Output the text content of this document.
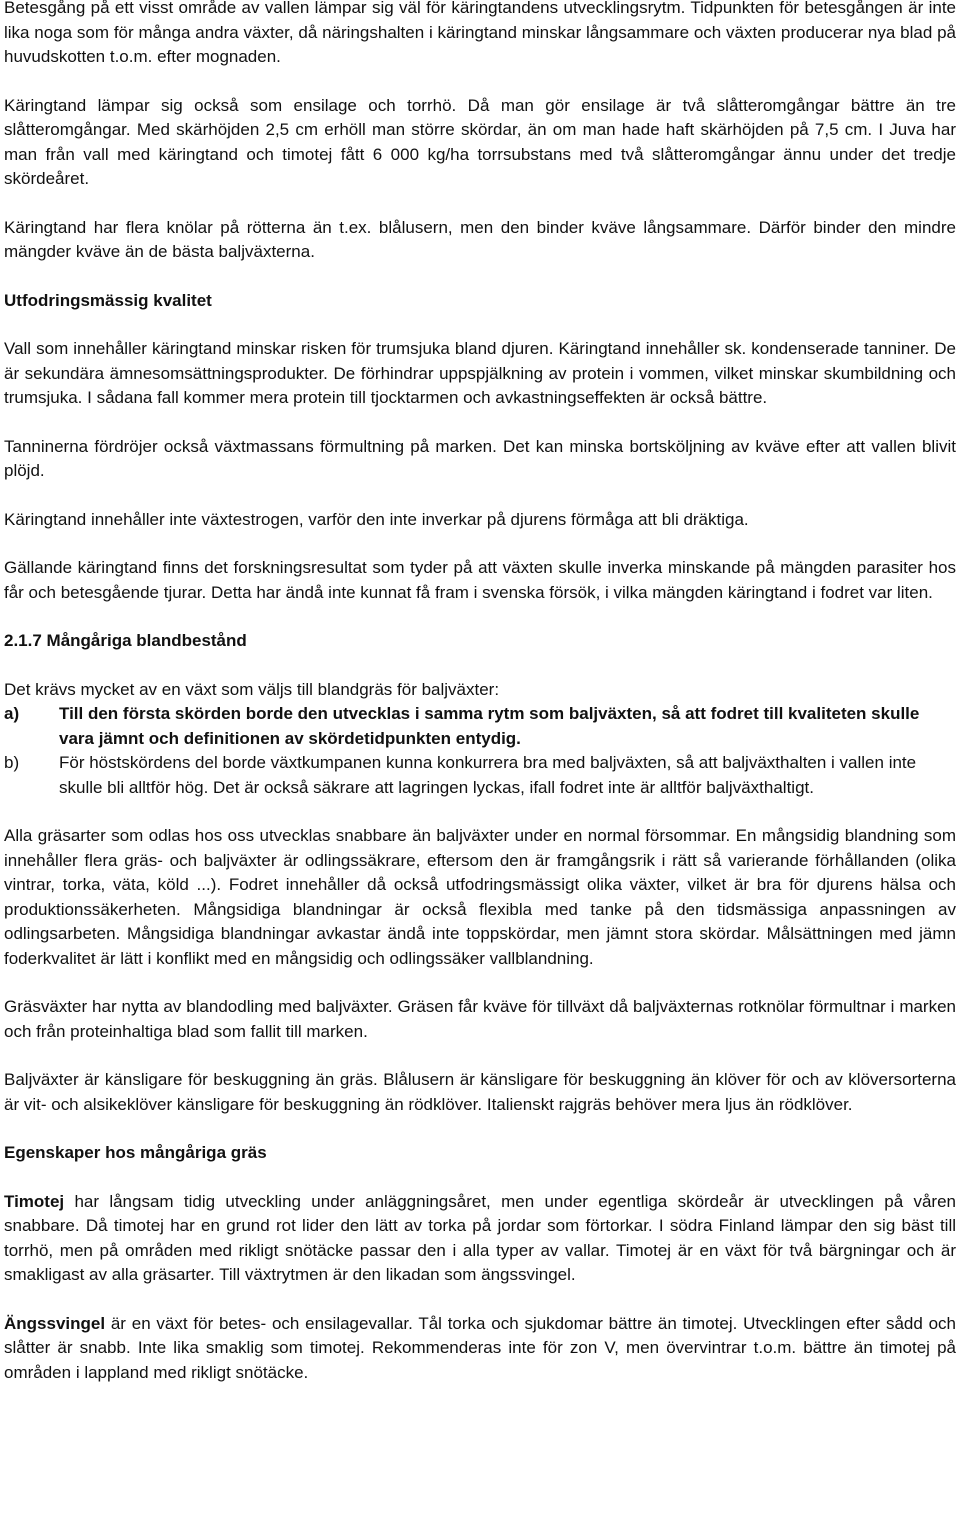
Betesgång på ett visst område av vallen lämpar sig väl för käringtandens utvecklingsrytm. Tidpunkten för betesgången är inte lika noga som för många andra växter, då näringshalten i käringtand minskar långsammare och växten producerar nya blad på huvudskotten t.o.m. efter mognaden.

Käringtand lämpar sig också som ensilage och torrhö. Då man gör ensilage är två slåtteromgångar bättre än tre slåtteromgångar. Med skärhöjden 2,5 cm erhöll man större skördar, än om man hade haft skärhöjden på 7,5 cm. I Juva har man från vall med käringtand och timotej fått 6 000 kg/ha torrsubstans med två slåtteromgångar ännu under det tredje skördeåret.

Käringtand har flera knölar på rötterna än t.ex. blålusern, men den binder kväve långsammare. Därför binder den mindre mängder kväve än de bästa baljväxterna.

Utfodringsmässig kvalitet

Vall som innehåller käringtand minskar risken för trumsjuka bland djuren. Käringtand innehåller sk. kondenserade tanniner. De är sekundära ämnesomsättningsprodukter. De förhindrar uppspjälkning av protein i vommen, vilket minskar skumbildning och trumsjuka. I sådana fall kommer mera protein till tjocktarmen och avkastningseffekten är också bättre.

Tanninerna fördröjer också växtmassans förmultning på marken. Det kan minska bortsköljning av kväve efter att vallen blivit plöjd.

Käringtand innehåller inte växtestrogen, varför den inte inverkar på djurens förmåga att bli dräktiga.

Gällande käringtand finns det forskningsresultat som tyder på att växten skulle inverka minskande på mängden parasiter hos får och betesgående tjurar. Detta har ändå inte kunnat få fram i svenska försök, i vilka mängden käringtand i fodret var liten.

2.1.7 Mångåriga blandbestånd

Det krävs mycket av en växt som väljs till blandgräs för baljväxter:

a)	Till den första skörden borde den utvecklas i samma rytm som baljväxten, så att fodret till kvaliteten skulle vara jämnt och definitionen av skördetidpunkten entydig.
b)	För höstskördens del borde växtkumpanen kunna konkurrera bra med baljväxten, så att baljväxthalten i vallen inte skulle bli alltför hög. Det är också säkrare att lagringen lyckas, ifall fodret inte är alltför baljväxthaltigt.

Alla gräsarter som odlas hos oss utvecklas snabbare än baljväxter under en normal försommar. En mångsidig blandning som innehåller flera gräs- och baljväxter är odlingssäkrare, eftersom den är framgångsrik i rätt så varierande förhållanden (olika vintrar, torka, väta, köld ...). Fodret innehåller då också utfodringsmässigt olika växter, vilket är bra för djurens hälsa och produktionssäkerheten. Mångsidiga blandningar är också flexibla med tanke på den tidsmässiga anpassningen av odlingsarbeten. Mångsidiga blandningar avkastar ändå inte toppskördar, men jämnt stora skördar. Målsättningen med jämn foderkvalitet är lätt i konflikt med en mångsidig och odlingssäker vallblandning.

Gräsväxter har nytta av blandodling med baljväxter. Gräsen får kväve för tillväxt då baljväxternas rotknölar förmultnar i marken och från proteinhaltiga blad som fallit till marken.

Baljväxter är känsligare för beskuggning än gräs. Blålusern är känsligare för beskuggning än klöver för och av klöversorterna är vit- och alsikeklöver känsligare för beskuggning än rödklöver. Italienskt rajgräs behöver mera ljus än rödklöver.

Egenskaper hos mångåriga gräs

Timotej har långsam tidig utveckling under anläggningsåret, men under egentliga skördeår är utvecklingen på våren snabbare. Då timotej har en grund rot lider den lätt av torka på jordar som förtorkar. I södra Finland lämpar den sig bäst till torrhö, men på områden med rikligt snötäcke passar den i alla typer av vallar. Timotej är en växt för två bärgningar och är smakligast av alla gräsarter. Till växtrytmen är den likadan som ängssvingel.

Ängssvingel är en växt för betes- och ensilagevallar. Tål torka och sjukdomar bättre än timotej. Utvecklingen efter sådd och slåtter är snabb. Inte lika smaklig som timotej. Rekommenderas inte för zon V, men övervintrar t.o.m. bättre än timotej på områden i lappland med rikligt snötäcke.
